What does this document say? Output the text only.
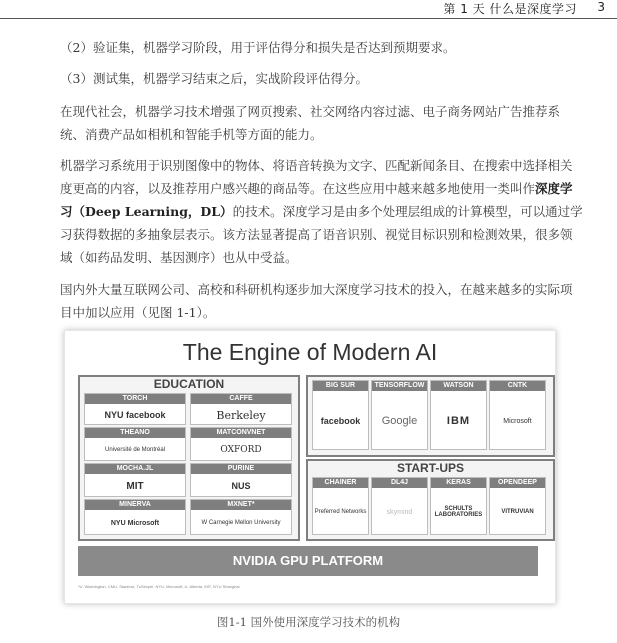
第 1 天 什么是深度学习 3
（2）验证集，机器学习阶段，用于评估得分和损失是否达到预期要求。
（3）测试集，机器学习结束之后，实战阶段评估得分。
在现代社会，机器学习技术增强了网页搜索、社交网络内容过滤、电子商务网站广告推荐系统、消费产品如相机和智能手机等方面的能力。
机器学习系统用于识别图像中的物体、将语音转换为文字、匹配新闻条目、在搜索中选择相关度更高的内容，以及推荐用户感兴趣的商品等。在这些应用中越来越多地使用一类叫作深度学习（Deep Learning，DL）的技术。深度学习是由多个处理层组成的计算模型，可以通过学习获得数据的多抽象层表示。该方法显著提高了语音识别、视觉目标识别和检测效果，很多领域（如药品发明、基因测序）也从中受益。
国内外大量互联网公司、高校和科研机构逐步加大深度学习技术的投入，在越来越多的实际项目中加以应用（见图 1-1）。
The Engine of Modern AI
EDUCATION
TORCH
NYU facebook
CAFFE
Berkeley
THEANO
Université de Montréal
MATCONVNET
OXFORD
MOCHA.JL
MIT
PURINE
NUS
MINERVA
NYU Microsoft
MXNET*
W Carnegie Mellon University
BIG SUR
facebook
TENSORFLOW
Google
WATSON
IBM
CNTK
Microsoft
START-UPS
CHAINER
Preferred Networks
DL4J
skymind
KERAS
SCHULTS LABORATORIES
OPENDEEP
VITRUVIAN
NVIDIA GPU PLATFORM
*U. Washington, CMU, Stanford, TuSimple, NYU, Microsoft, U. Alberta, MIT, NYU Shanghai
图1-1 国外使用深度学习技术的机构
